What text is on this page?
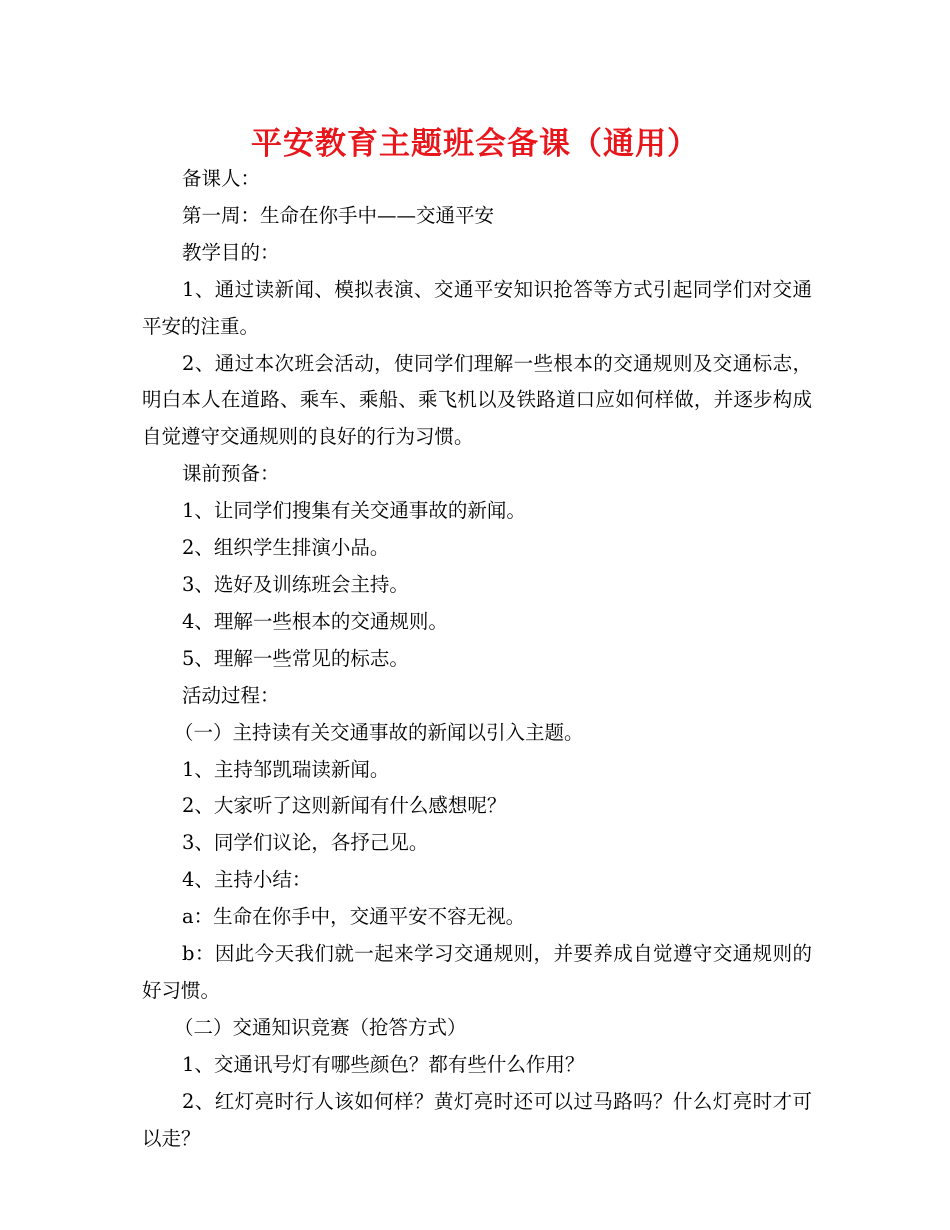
平安教育主题班会备课（通用）

备课人：

第一周：生命在你手中——交通平安

教学目的：

1、通过读新闻、模拟表演、交通平安知识抢答等方式引起同学们对交通平安的注重。

2、通过本次班会活动，使同学们理解一些根本的交通规则及交通标志，明白本人在道路、乘车、乘船、乘飞机以及铁路道口应如何样做，并逐步构成自觉遵守交通规则的良好的行为习惯。

课前预备：

1、让同学们搜集有关交通事故的新闻。

2、组织学生排演小品。

3、选好及训练班会主持。

4、理解一些根本的交通规则。

5、理解一些常见的标志。

活动过程：

（一）主持读有关交通事故的新闻以引入主题。

1、主持邹凯瑞读新闻。

2、大家听了这则新闻有什么感想呢？

3、同学们议论，各抒己见。

4、主持小结：

a：生命在你手中，交通平安不容无视。

b：因此今天我们就一起来学习交通规则，并要养成自觉遵守交通规则的好习惯。

（二）交通知识竞赛（抢答方式）

1、交通讯号灯有哪些颜色？都有些什么作用？

2、红灯亮时行人该如何样？黄灯亮时还可以过马路吗？什么灯亮时才可以走？
